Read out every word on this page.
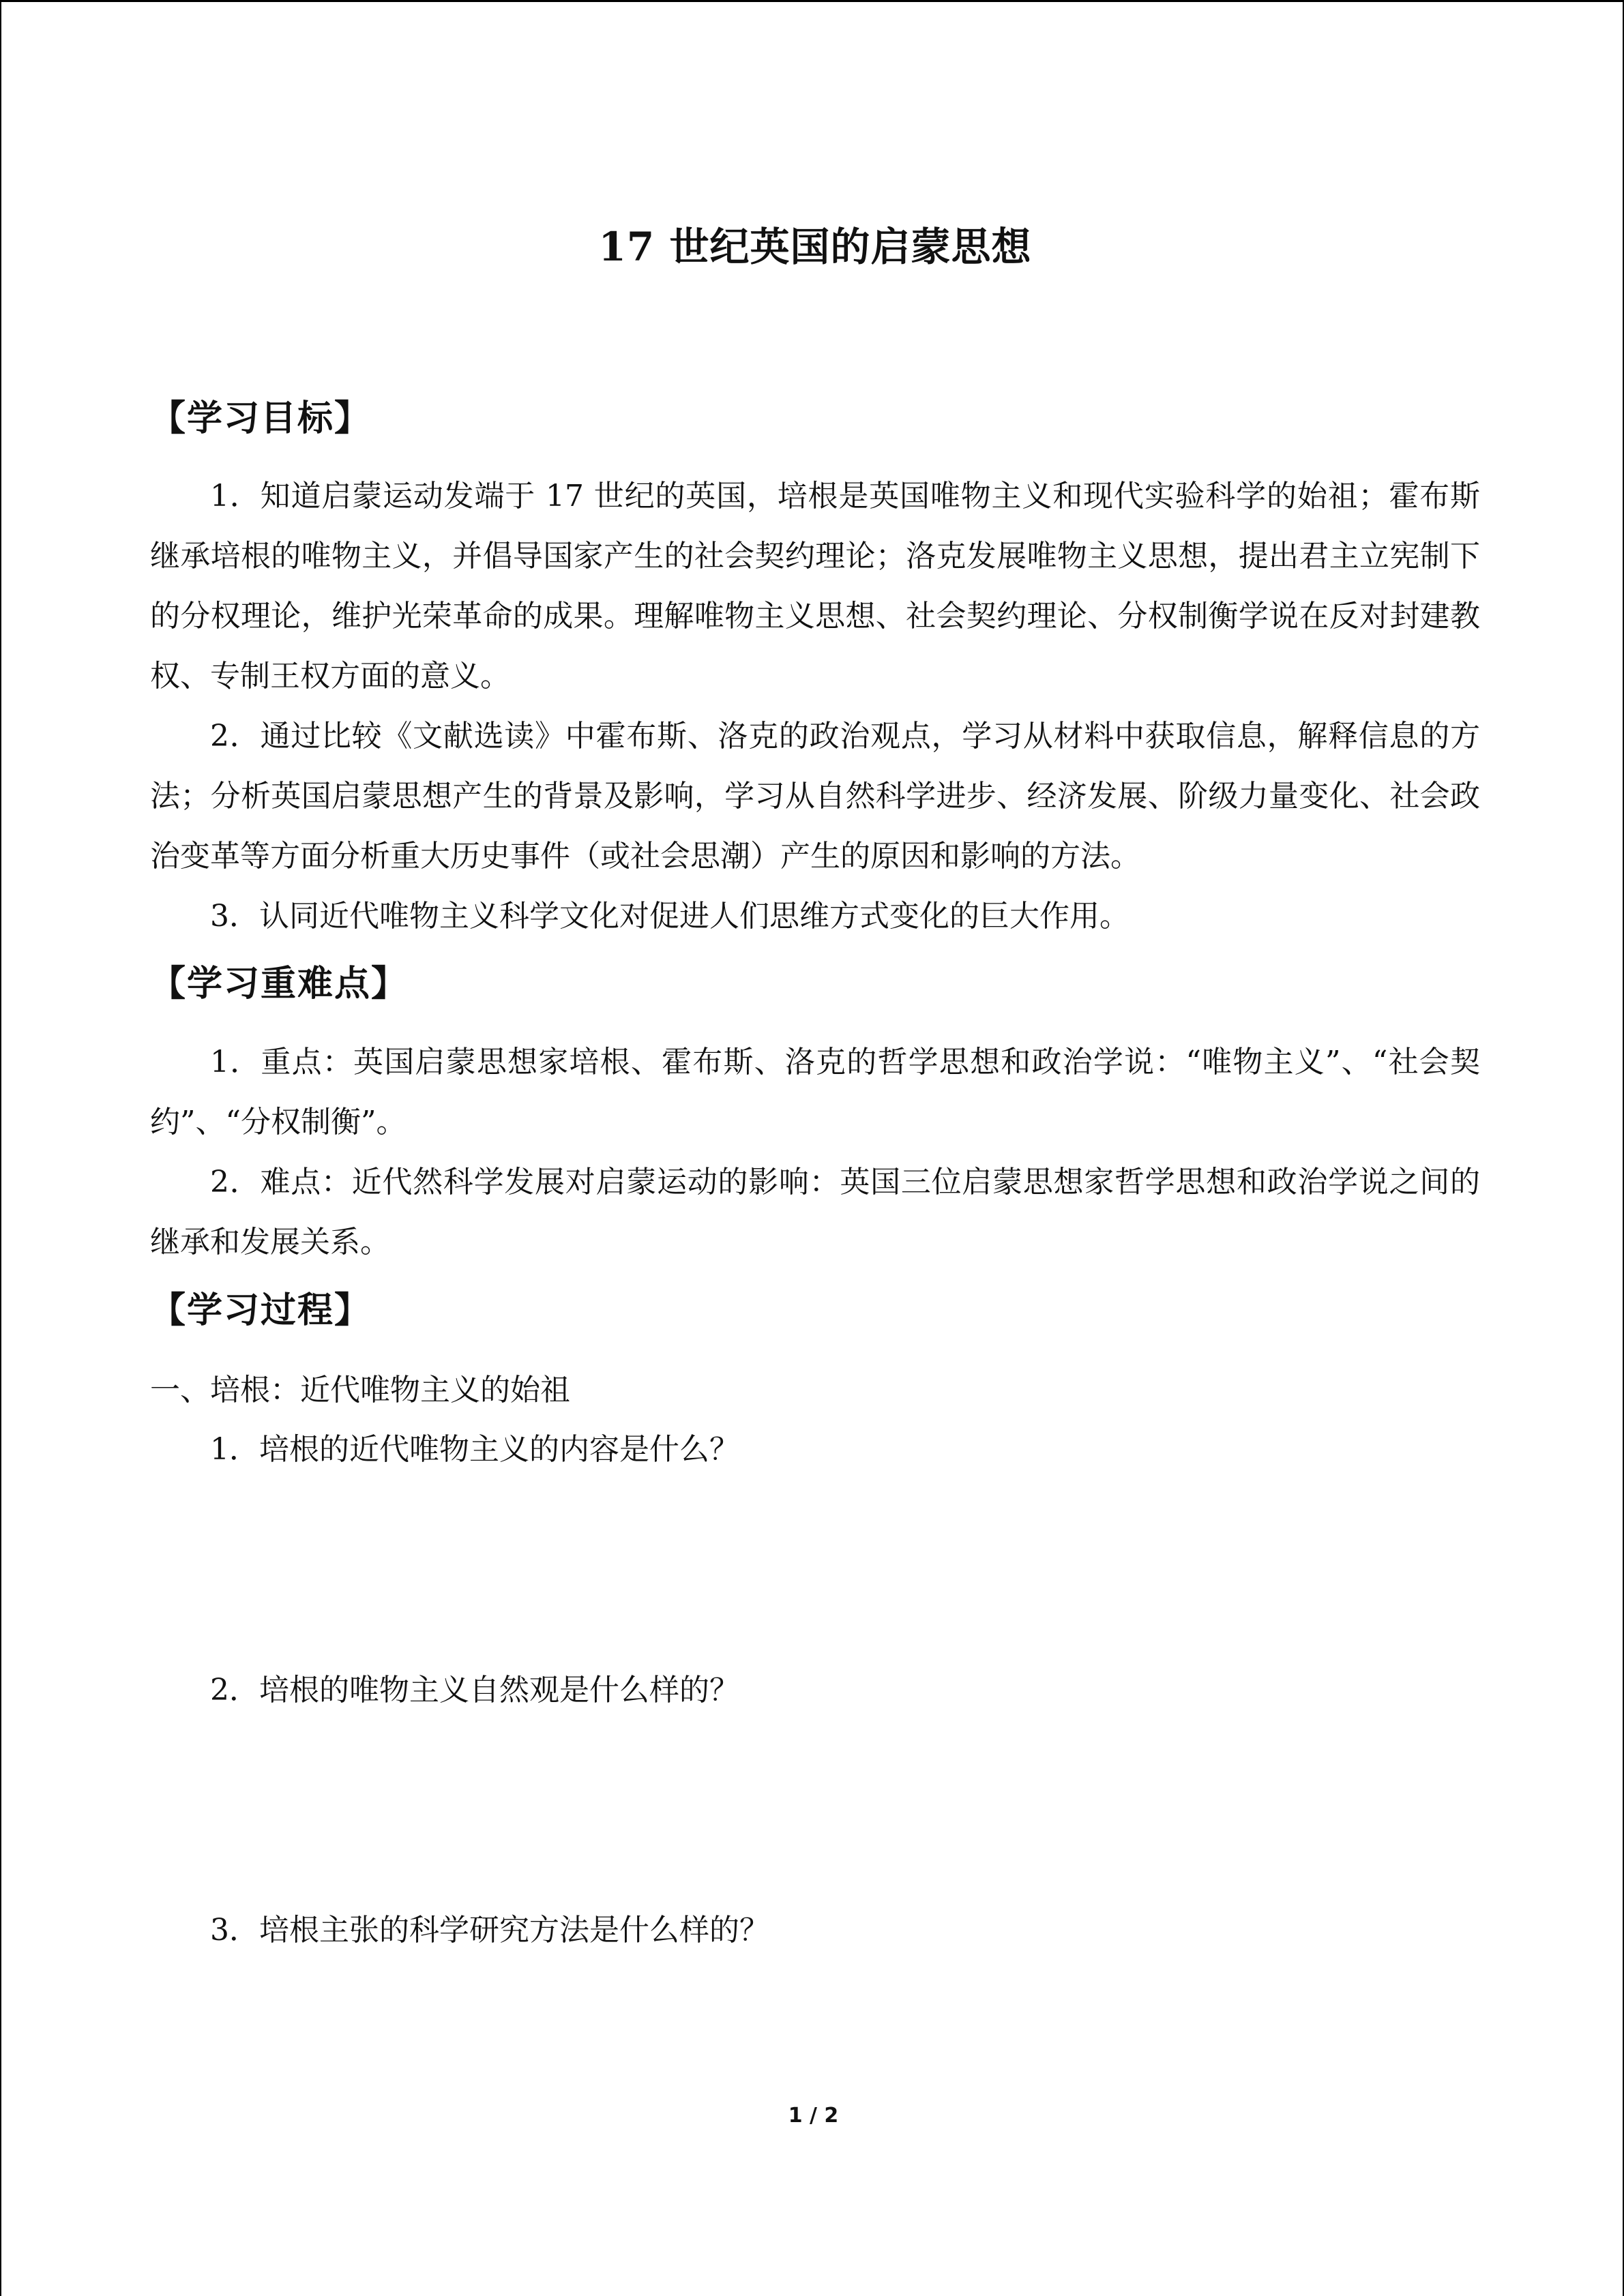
17 世纪英国的启蒙思想
【学习目标】
1．知道启蒙运动发端于 17 世纪的英国，培根是英国唯物主义和现代实验科学的始祖；霍布斯继承培根的唯物主义，并倡导国家产生的社会契约理论；洛克发展唯物主义思想，提出君主立宪制下的分权理论，维护光荣革命的成果。理解唯物主义思想、社会契约理论、分权制衡学说在反对封建教权、专制王权方面的意义。
2．通过比较《文献选读》中霍布斯、洛克的政治观点，学习从材料中获取信息，解释信息的方法；分析英国启蒙思想产生的背景及影响，学习从自然科学进步、经济发展、阶级力量变化、社会政治变革等方面分析重大历史事件（或社会思潮）产生的原因和影响的方法。
3．认同近代唯物主义科学文化对促进人们思维方式变化的巨大作用。
【学习重难点】
1．重点：英国启蒙思想家培根、霍布斯、洛克的哲学思想和政治学说：“唯物主义”、“社会契约”、“分权制衡”。
2．难点：近代然科学发展对启蒙运动的影响：英国三位启蒙思想家哲学思想和政治学说之间的继承和发展关系。
【学习过程】
一、培根：近代唯物主义的始祖
1．培根的近代唯物主义的内容是什么？
2．培根的唯物主义自然观是什么样的？
3．培根主张的科学研究方法是什么样的？
1 / 2
